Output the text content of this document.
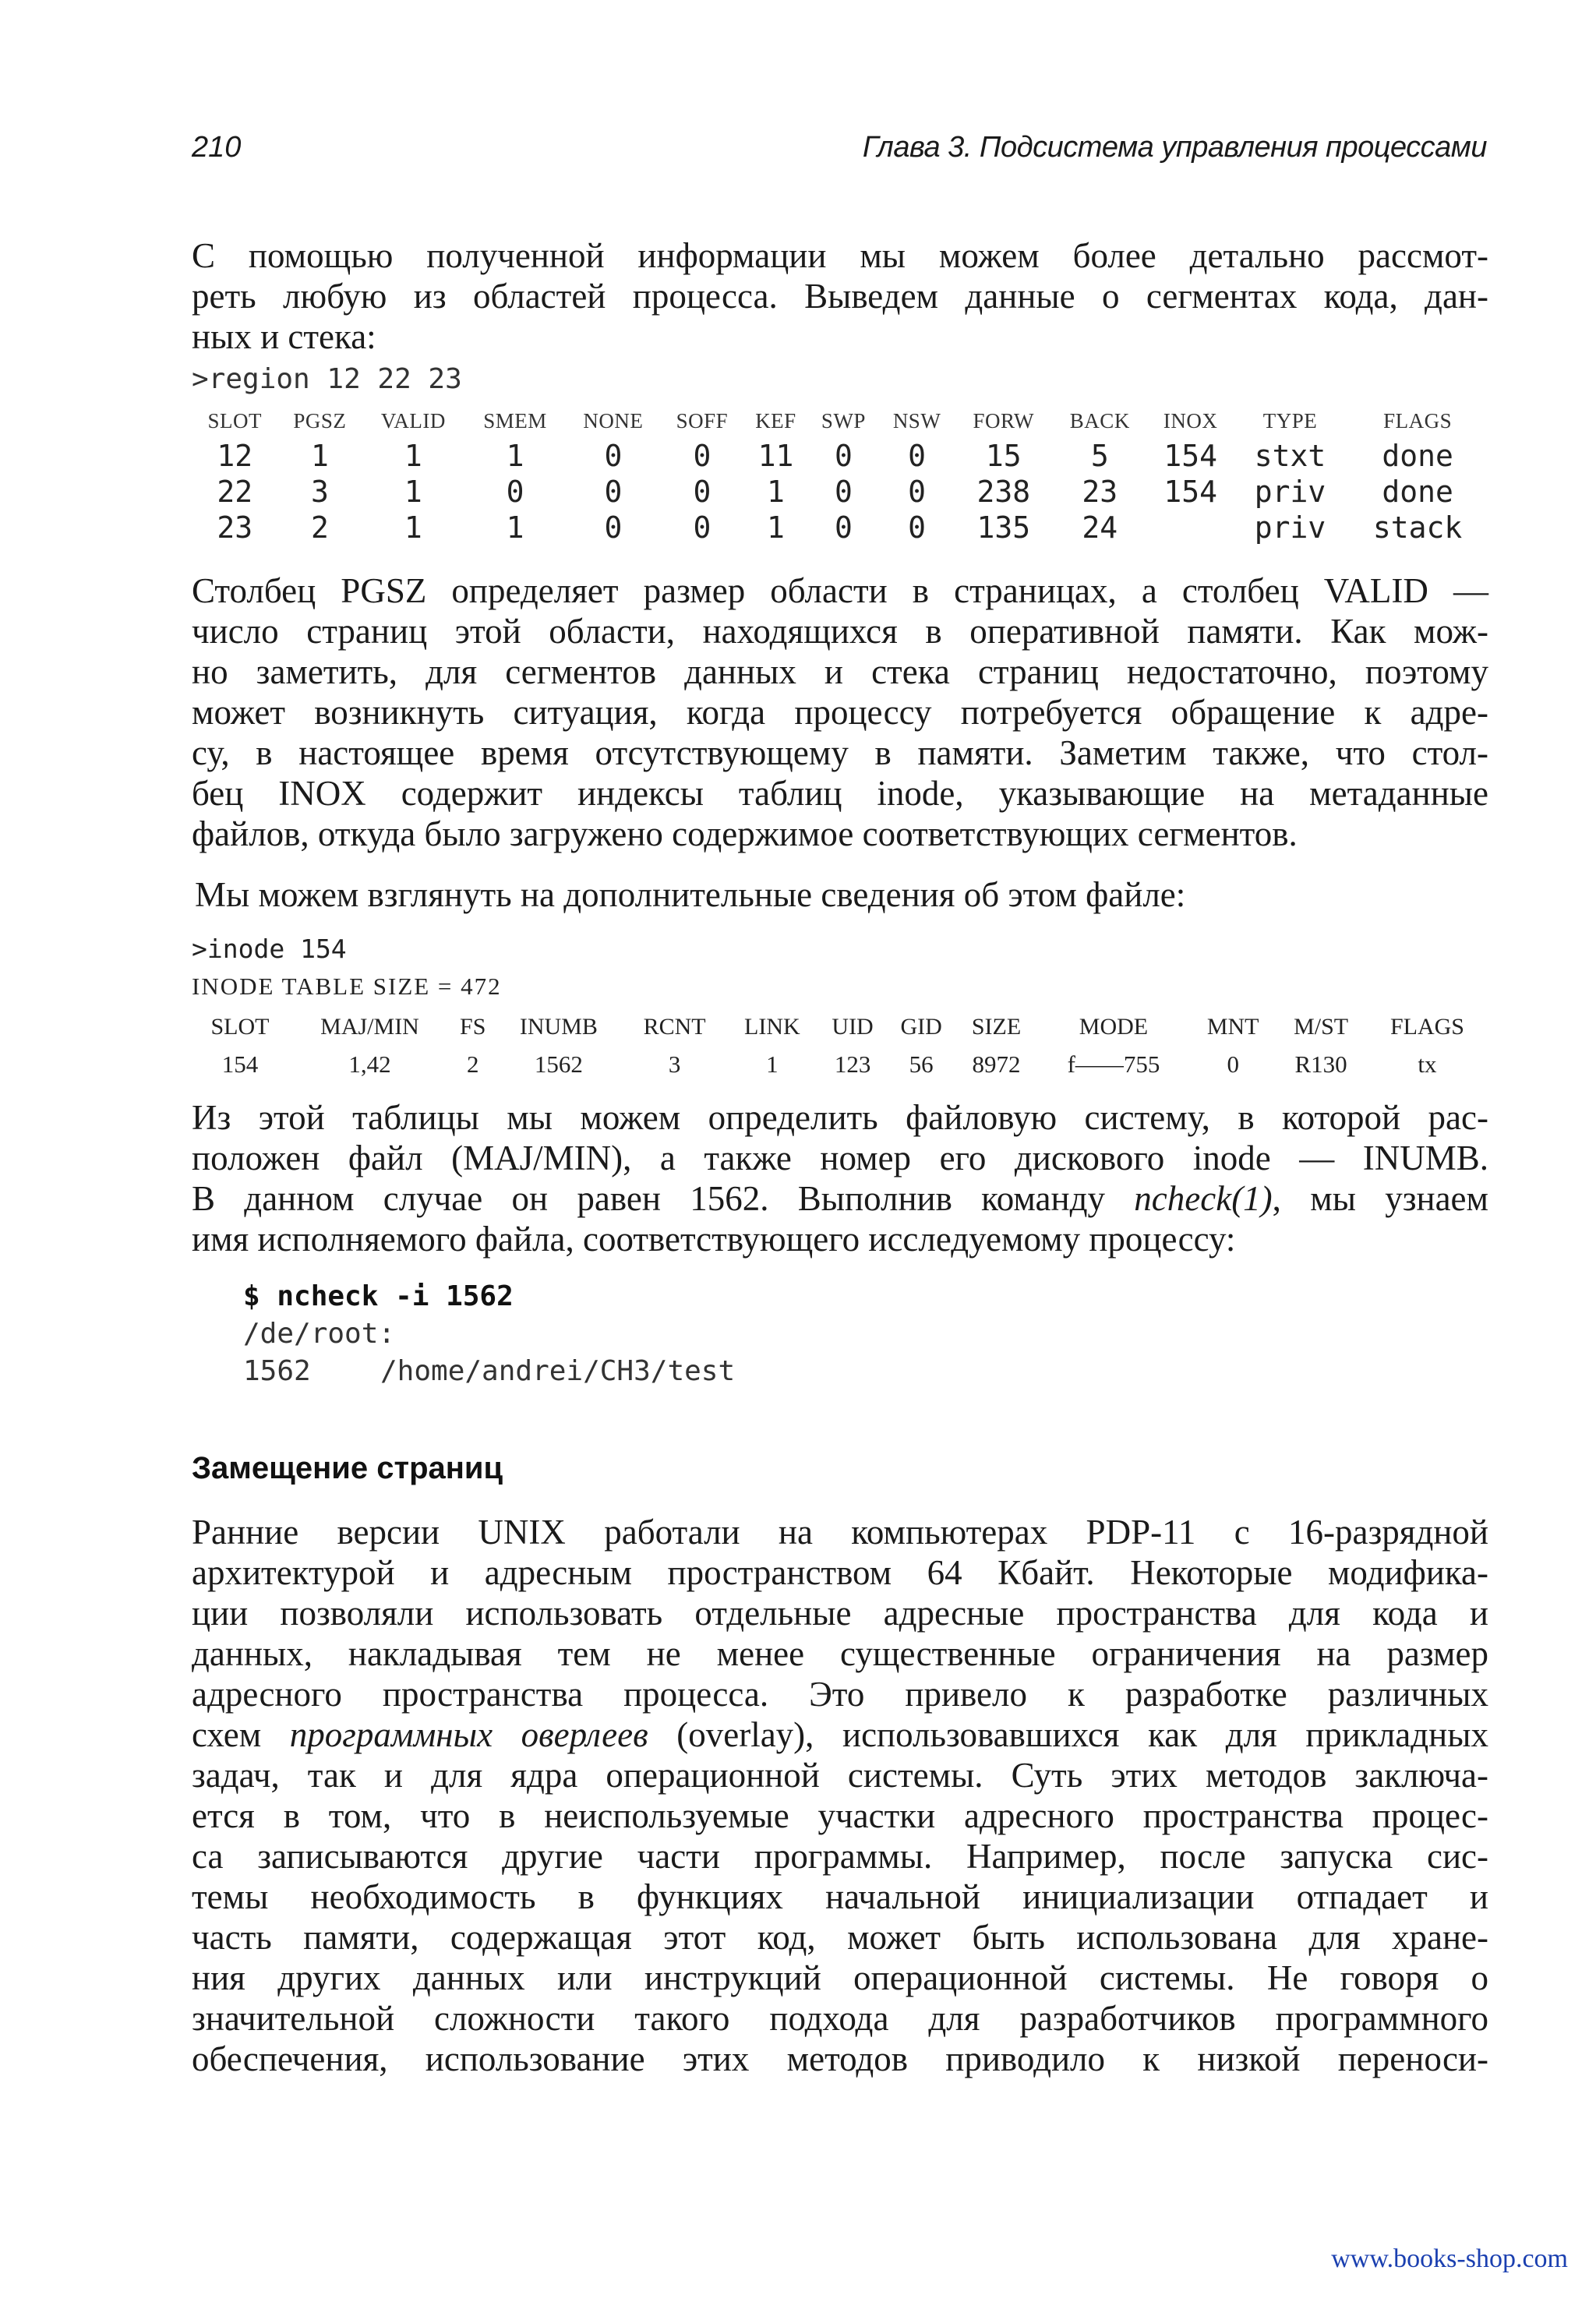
210	Глава 3. Подсистема управления процессами

С помощью полученной информации мы можем более детально рассмот-
реть любую из областей процесса. Выведем данные о сегментах кода, дан-
ных и стека:

>region 12 22 23
SLOT	PGSZ	VALID	SMEM	NONE	SOFF	KEF	SWP	NSW	FORW	BACK	INOX	TYPE	FLAGS
12	1	1	1	0	0	11	0	0	15	5	154	stxt	done
22	3	1	0	0	0	1	0	0	238	23	154	priv	done
23	2	1	1	0	0	1	0	0	135	24		priv	stack

Столбец PGSZ определяет размер области в страницах, а столбец VALID —
число страниц этой области, находящихся в оперативной памяти. Как мож-
но заметить, для сегментов данных и стека страниц недостаточно, поэтому
может возникнуть ситуация, когда процессу потребуется обращение к адре-
су, в настоящее время отсутствующему в памяти. Заметим также, что стол-
бец INOX содержит индексы таблиц inode, указывающие на метаданные
файлов, откуда было загружено содержимое соответствующих сегментов.

Мы можем взглянуть на дополнительные сведения об этом файле:

>inode 154
INODE TABLE SIZE = 472
SLOT	MAJ/MIN	FS	INUMB	RCNT	LINK	UID	GID	SIZE	MODE	MNT	M/ST	FLAGS
154	1,42	2	1562	3	1	123	56	8972	f——755	0	R130	tx

Из этой таблицы мы можем определить файловую систему, в которой рас-
положен файл (MAJ/MIN), а также номер его дискового inode — INUMB.
В данном случае он равен 1562. Выполнив команду ncheck(1), мы узнаем
имя исполняемого файла, соответствующего исследуемому процессу:

$ ncheck -i 1562
/de/root:
1562 /home/andrei/CH3/test
Замещение страниц

Ранние версии UNIX работали на компьютерах PDP-11 с 16-разрядной
архитектурой и адресным пространством 64 Кбайт. Некоторые модифика-
ции позволяли использовать отдельные адресные пространства для кода и
данных, накладывая тем не менее существенные ограничения на размер
адресного пространства процесса. Это привело к разработке различных
схем программных оверлеев (overlay), использовавшихся как для прикладных
задач, так и для ядра операционной системы. Суть этих методов заключа-
ется в том, что в неиспользуемые участки адресного пространства процес-
са записываются другие части программы. Например, после запуска сис-
темы необходимость в функциях начальной инициализации отпадает и
часть памяти, содержащая этот код, может быть использована для хране-
ния других данных или инструкций операционной системы. Не говоря о
значительной сложности такого подхода для разработчиков программного
обеспечения, использование этих методов приводило к низкой переноси-

www.books-shop.com
